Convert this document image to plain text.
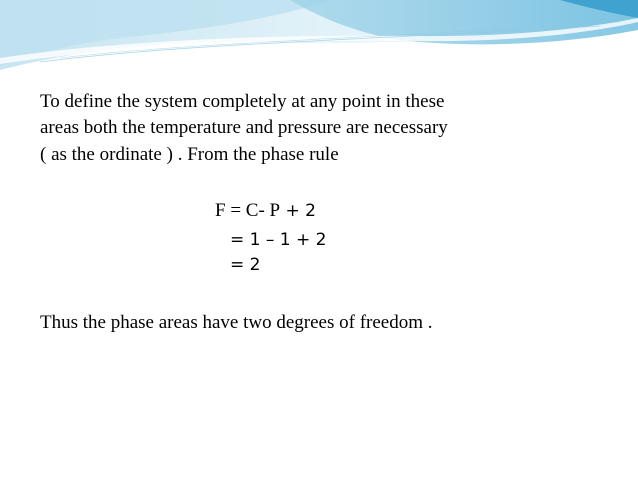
To define the system completely at any point in these
areas both the temperature and pressure are necessary
( as the ordinate ) . From the phase rule
F = C- P + 2
= 1 – 1 + 2
= 2
Thus the phase areas have two degrees of freedom .
